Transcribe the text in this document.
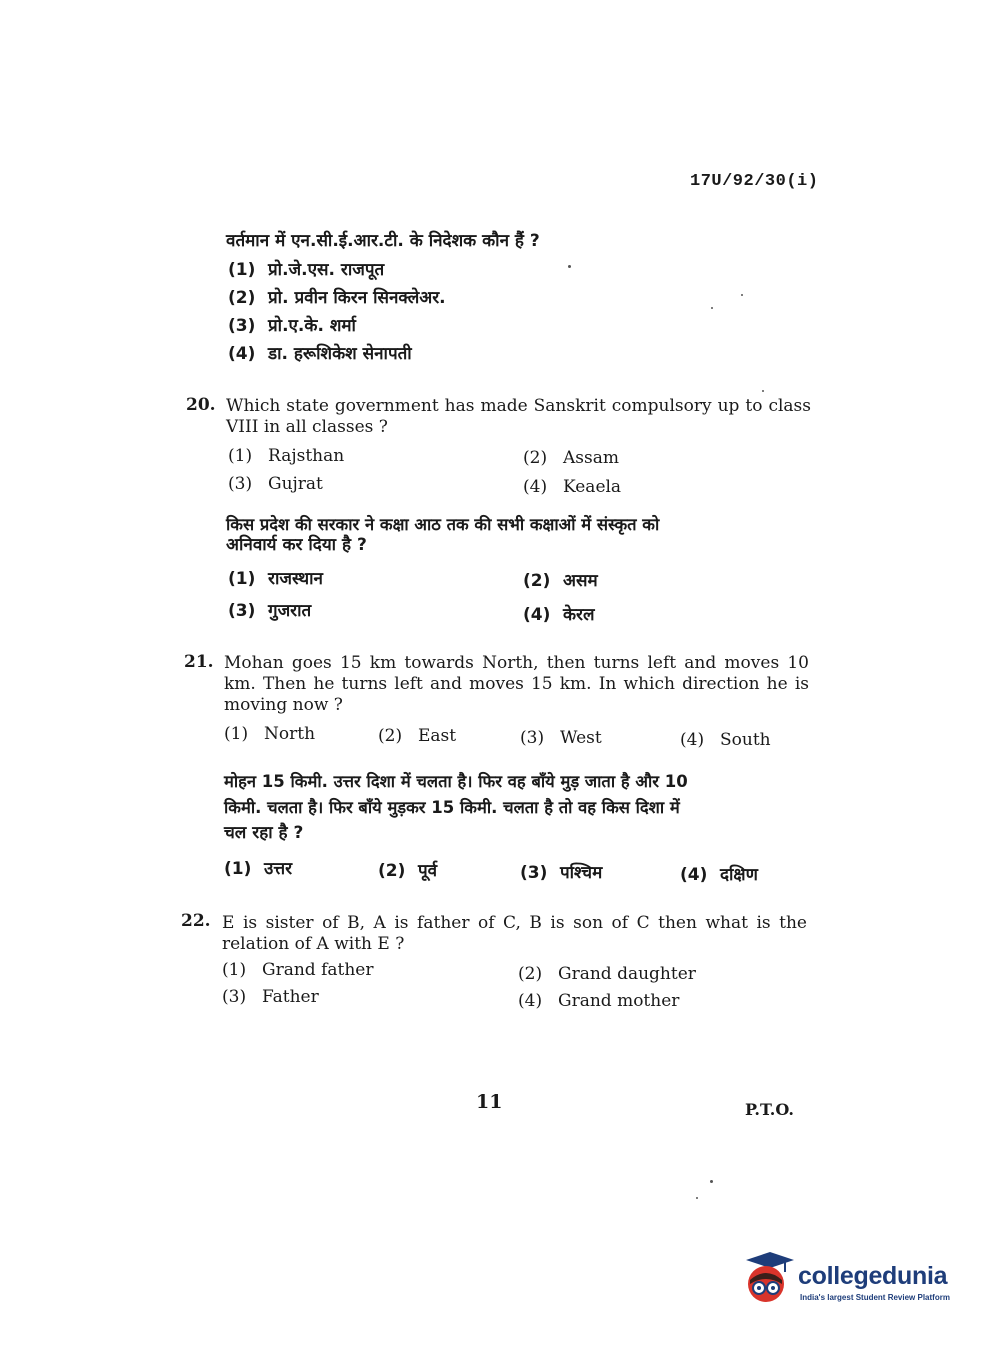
17U/92/30(i)
वर्तमान में एन.सी.ई.आर.टी. के निदेशक कौन हैं ?
(1) प्रो.जे.एस. राजपूत
(2) प्रो. प्रवीन किरन सिनक्लेअर.
(3) प्रो.ए.के. शर्मा
(4) डा. हरूशिकेश सेनापती
20. Which state government has made Sanskrit compulsory up to class VIII in all classes ?
(1) Rajsthan	(2) Assam
(3) Gujrat	(4) Keaela
किस प्रदेश की सरकार ने कक्षा आठ तक की सभी कक्षाओं में संस्कृत को
अनिवार्य कर दिया है ?
(1) राजस्थान	(2) असम
(3) गुजरात	(4) केरल
21. Mohan goes 15 km towards North, then turns left and moves 10 km. Then he turns left and moves 15 km. In which direction he is moving now ?
(1) North	(2) East	(3) West	(4) South
मोहन 15 किमी. उत्तर दिशा में चलता है। फिर वह बाँये मुड़ जाता है और 10
किमी. चलता है। फिर बाँये मुड़कर 15 किमी. चलता है तो वह किस दिशा में
चल रहा है ?
(1) उत्तर	(2) पूर्व	(3) पश्चिम	(4) दक्षिण
22. E is sister of B, A is father of C, B is son of C then what is the relation of A with E ?
(1) Grand father	(2) Grand daughter
(3) Father	(4) Grand mother
11	P.T.O.
collegedunia
India's largest Student Review Platform
